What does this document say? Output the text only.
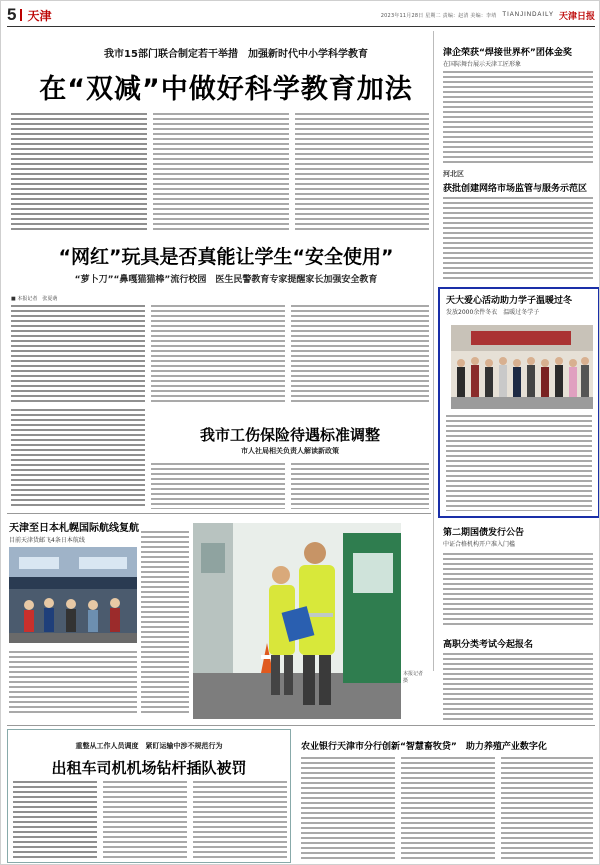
5 天津	2023年11月28日 星期二 责编：赵清 美编：李靖 TIANJINDAILY 天津日报
我市15部门联合制定若干举措　加强新时代中小学科学教育
在“双减”中做好科学教育加法
“网红”玩具是否真能让学生“安全使用”
“萝卜刀”“鼻嘎猫猫棒”流行校园　医生民警教育专家提醒家长加强安全教育
■ 本报记者　张夏萌
我市工伤保险待遇标准调整
市人社局相关负责人解读新政策
天津至日本札幌国际航线复航
目前天津货邮飞4条日本航线
本报记者　摄
津企荣获“焊接世界杯”团体金奖
在国际舞台展示天津工匠形象
河北区
获批创建网络市场监管与服务示范区
天大爱心活动助力学子温暖过冬
发放2000余件冬衣　温暖过冬学子
第二期国债发行公告
中证合格机构开户准入门槛
高职分类考试今起报名
重整从工作人员调度　紧盯运输中涉不规范行为
出租车司机机场钻杆插队被罚
农业银行天津市分行创新“智慧畜牧贷”　助力养殖产业数字化
